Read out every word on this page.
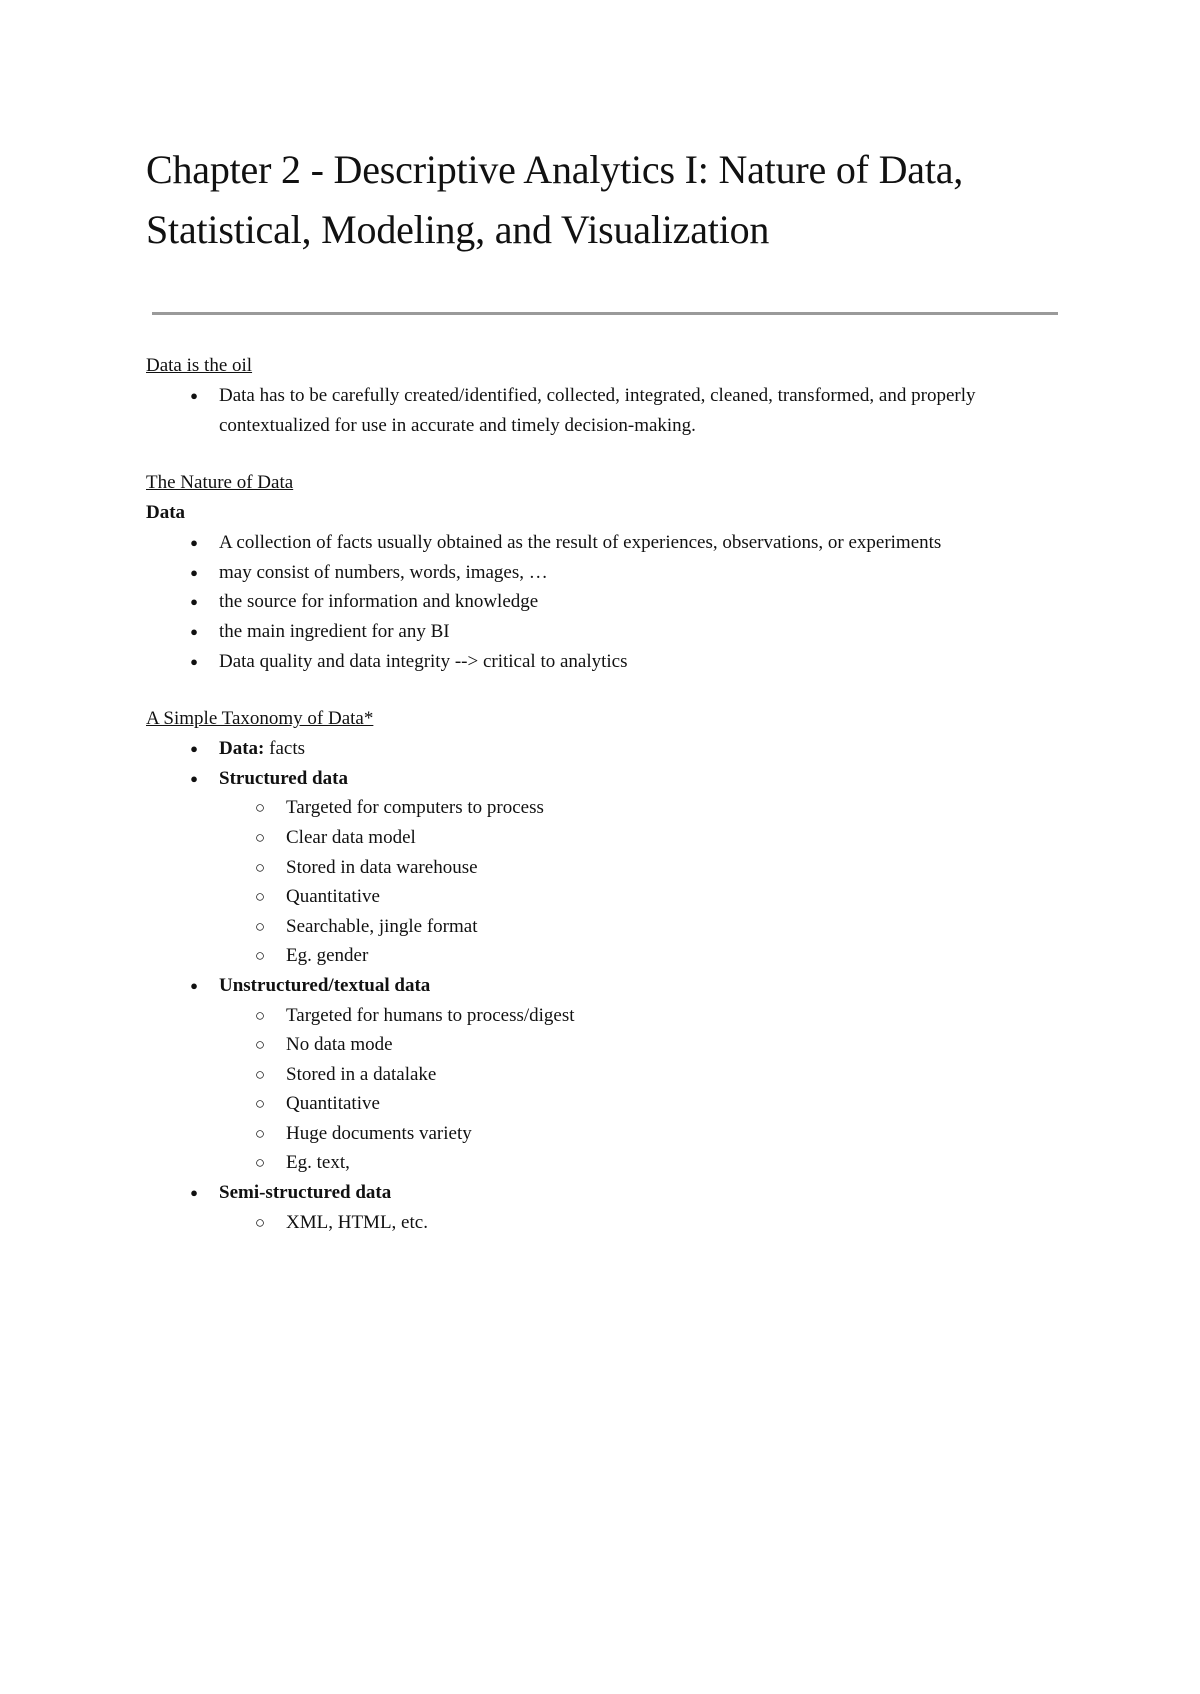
Chapter 2 - Descriptive Analytics I: Nature of Data, Statistical, Modeling, and Visualization

Data is the oil

●	Data has to be carefully created/identified, collected, integrated, cleaned, transformed, and properly contextualized for use in accurate and timely decision-making.

The Nature of Data

Data

●	A collection of facts usually obtained as the result of experiences, observations, or experiments
●	may consist of numbers, words, images, …
●	the source for information and knowledge
●	the main ingredient for any BI
●	Data quality and data integrity --> critical to analytics

A Simple Taxonomy of Data*

●	Data: facts
●	Structured data
○ Targeted for computers to process
○ Clear data model
○ Stored in data warehouse
○ Quantitative
○ Searchable, jingle format
○ Eg. gender
●	Unstructured/textual data
○ Targeted for humans to process/digest
○ No data mode
○ Stored in a datalake
○ Quantitative
○ Huge documents variety
○ Eg. text,
●	Semi-structured data
○ XML, HTML, etc.
